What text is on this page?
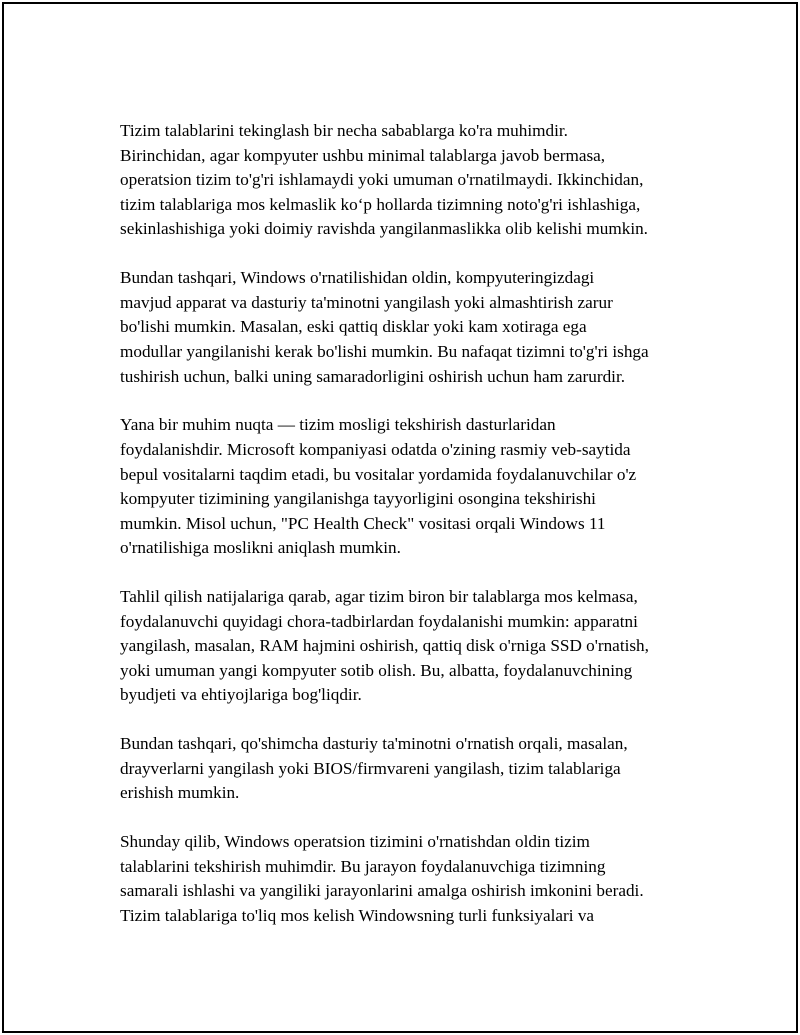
Tizim talablarini tekinglash bir necha sabablarga ko'ra muhimdir.
Birinchidan, agar kompyuter ushbu minimal talablarga javob bermasa,
operatsion tizim to'g'ri ishlamaydi yoki umuman o'rnatilmaydi. Ikkinchidan,
tizim talablariga mos kelmaslik koʻp hollarda tizimning noto'g'ri ishlashiga,
sekinlashishiga yoki doimiy ravishda yangilanmaslikka olib kelishi mumkin.

Bundan tashqari, Windows o'rnatilishidan oldin, kompyuteringizdagi
mavjud apparat va dasturiy ta'minotni yangilash yoki almashtirish zarur
bo'lishi mumkin. Masalan, eski qattiq disklar yoki kam xotiraga ega
modullar yangilanishi kerak bo'lishi mumkin. Bu nafaqat tizimni to'g'ri ishga
tushirish uchun, balki uning samaradorligini oshirish uchun ham zarurdir.

Yana bir muhim nuqta — tizim mosligi tekshirish dasturlaridan
foydalanishdir. Microsoft kompaniyasi odatda o'zining rasmiy veb-saytida
bepul vositalarni taqdim etadi, bu vositalar yordamida foydalanuvchilar o'z
kompyuter tizimining yangilanishga tayyorligini osongina tekshirishi
mumkin. Misol uchun, "PC Health Check" vositasi orqali Windows 11
o'rnatilishiga moslikni aniqlash mumkin.

Tahlil qilish natijalariga qarab, agar tizim biron bir talablarga mos kelmasa,
foydalanuvchi quyidagi chora-tadbirlardan foydalanishi mumkin: apparatni
yangilash, masalan, RAM hajmini oshirish, qattiq disk o'rniga SSD o'rnatish,
yoki umuman yangi kompyuter sotib olish. Bu, albatta, foydalanuvchining
byudjeti va ehtiyojlariga bog'liqdir.

Bundan tashqari, qo'shimcha dasturiy ta'minotni o'rnatish orqali, masalan,
drayverlarni yangilash yoki BIOS/firmvareni yangilash, tizim talablariga
erishish mumkin.

Shunday qilib, Windows operatsion tizimini o'rnatishdan oldin tizim
talablarini tekshirish muhimdir. Bu jarayon foydalanuvchiga tizimning
samarali ishlashi va yangiliki jarayonlarini amalga oshirish imkonini beradi.
Tizim talablariga to'liq mos kelish Windowsning turli funksiyalari va
